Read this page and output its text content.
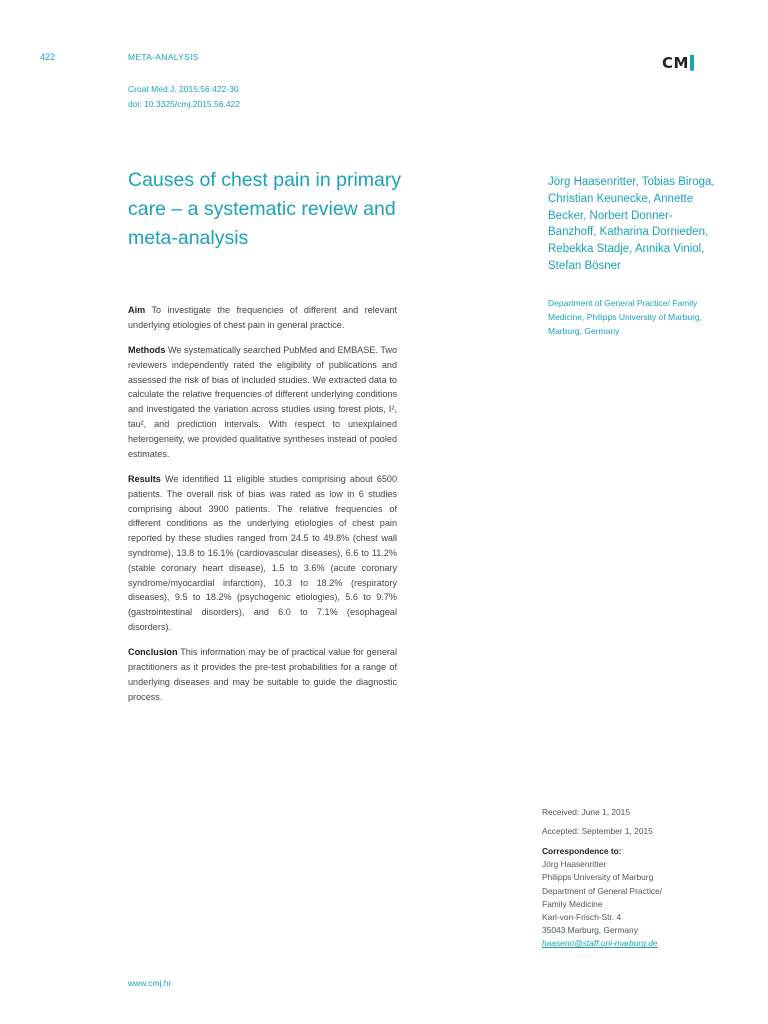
422	META-ANALYSIS
Croat Med J. 2015;56:422-30
doi: 10.3325/cmj.2015.56.422
CM
Causes of chest pain in primary care – a systematic review and meta-analysis
Jörg Haasenritter, Tobias Biroga, Christian Keunecke, Annette Becker, Norbert Donner-Banzhoff, Katharina Dornieden, Rebekka Stadje, Annika Viniol, Stefan Bösner
Department of General Practice/ Family Medicine, Philipps University of Marburg, Marburg, Germany

Aim To investigate the frequencies of different and relevant underlying etiologies of chest pain in general practice.

Methods We systematically searched PubMed and EMBASE. Two reviewers independently rated the eligibility of publications and assessed the risk of bias of included studies. We extracted data to calculate the relative frequencies of different underlying conditions and investigated the variation across studies using forest plots, I², tau², and prediction intervals. With respect to unexplained heterogeneity, we provided qualitative syntheses instead of pooled estimates.

Results We identified 11 eligible studies comprising about 6500 patients. The overall risk of bias was rated as low in 6 studies comprising about 3900 patients. The relative frequencies of different conditions as the underlying etiologies of chest pain reported by these studies ranged from 24.5 to 49.8% (chest wall syndrome), 13.8 to 16.1% (cardiovascular diseases), 6.6 to 11.2% (stable coronary heart disease), 1.5 to 3.6% (acute coronary syndrome/myocardial infarction), 10.3 to 18.2% (respiratory diseases), 9.5 to 18.2% (psychogenic etiologies), 5.6 to 9.7% (gastrointestinal disorders), and 6.0 to 7.1% (esophageal disorders).

Conclusion This information may be of practical value for general practitioners as it provides the pre-test probabilities for a range of underlying diseases and may be suitable to guide the diagnostic process.

Received: June 1, 2015
Accepted: September 1, 2015
Correspondence to:
Jörg Haasenritter
Philipps University of Marburg
Department of General Practice/
Family Medicine
Karl-von-Frisch-Str. 4
35043 Marburg, Germany
haasenri@staff.uni-marburg.de
www.cmj.hr
